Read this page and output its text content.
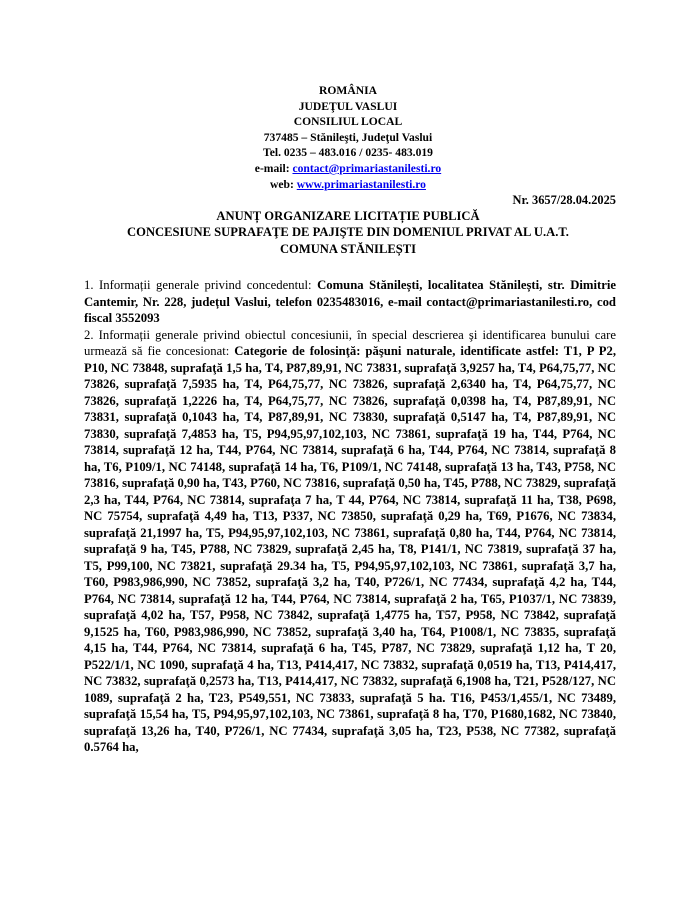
ROMÂNIA
JUDEŢUL VASLUI
CONSILIUL LOCAL
737485 – Stănileşti, Judeţul Vaslui
Tel. 0235 – 483.016 / 0235- 483.019
e-mail: contact@primariastanilesti.ro
web: www.primariastanilesti.ro
Nr. 3657/28.04.2025
ANUNȚ ORGANIZARE LICITAȚIE PUBLICĂ
CONCESIUNE SUPRAFAŢE DE PAJIŞTE DIN DOMENIUL PRIVAT AL U.A.T.
COMUNA STĂNILEȘTI

1. Informații generale privind concedentul: Comuna Stănilești, localitatea Stănilești, str. Dimitrie Cantemir, Nr. 228, județul Vaslui, telefon 0235483016, e-mail contact@primariastanilesti.ro, cod fiscal 3552093

2. Informații generale privind obiectul concesiunii, în special descrierea şi identificarea bunului care urmează să fie concesionat: Categorie de folosinţă: păşuni naturale, identificate astfel: T1, P P2, P10, NC 73848, suprafaţă 1,5 ha, T4, P87,89,91, NC 73831, suprafaţă 3,9257 ha, T4, P64,75,77, NC 73826, suprafaţă 7,5935 ha, T4, P64,75,77, NC 73826, suprafaţă 2,6340 ha, T4, P64,75,77, NC 73826, suprafaţă 1,2226 ha, T4, P64,75,77, NC 73826, suprafaţă 0,0398 ha, T4, P87,89,91, NC 73831, suprafaţă 0,1043 ha, T4, P87,89,91, NC 73830, suprafaţă 0,5147 ha, T4, P87,89,91, NC 73830, suprafaţă 7,4853 ha, T5, P94,95,97,102,103, NC 73861, suprafaţă 19 ha, T44, P764, NC 73814, suprafaţă 12 ha, T44, P764, NC 73814, suprafaţă 6 ha, T44, P764, NC 73814, suprafaţă 8 ha, T6, P109/1, NC 74148, suprafaţă 14 ha, T6, P109/1, NC 74148, suprafaţă 13 ha, T43, P758, NC 73816, suprafaţă 0,90 ha, T43, P760, NC 73816, suprafaţă 0,50 ha, T45, P788, NC 73829, suprafaţă 2,3 ha, T44, P764, NC 73814, suprafaţa 7 ha, T 44, P764, NC 73814, suprafaţă 11 ha, T38, P698, NC 75754, suprafaţă 4,49 ha, T13, P337, NC 73850, suprafaţă 0,29 ha, T69, P1676, NC 73834, suprafaţă 21,1997 ha, T5, P94,95,97,102,103, NC 73861, suprafaţă 0,80 ha, T44, P764, NC 73814, suprafaţă 9 ha, T45, P788, NC 73829, suprafaţă 2,45 ha, T8, P141/1, NC 73819, suprafaţă 37 ha, T5, P99,100, NC 73821, suprafaţă 29.34 ha, T5, P94,95,97,102,103, NC 73861, suprafaţă 3,7 ha, T60, P983,986,990, NC 73852, suprafaţă 3,2 ha, T40, P726/1, NC 77434, suprafaţă 4,2 ha, T44, P764, NC 73814, suprafaţă 12 ha, T44, P764, NC 73814, suprafaţă 2 ha, T65, P1037/1, NC 73839, suprafaţă 4,02 ha, T57, P958, NC 73842, suprafaţă 1,4775 ha, T57, P958, NC 73842, suprafaţă 9,1525 ha, T60, P983,986,990, NC 73852, suprafaţă 3,40 ha, T64, P1008/1, NC 73835, suprafaţă 4,15 ha, T44, P764, NC 73814, suprafaţă 6 ha, T45, P787, NC 73829, suprafaţă 1,12 ha, T 20, P522/1/1, NC 1090, suprafaţă 4 ha, T13, P414,417, NC 73832, suprafaţă 0,0519 ha, T13, P414,417, NC 73832, suprafaţă 0,2573 ha, T13, P414,417, NC 73832, suprafaţă 6,1908 ha, T21, P528/127, NC 1089, suprafaţă 2 ha, T23, P549,551, NC 73833, suprafaţă 5 ha. T16, P453/1,455/1, NC 73489, suprafaţă 15,54 ha, T5, P94,95,97,102,103, NC 73861, suprafaţă 8 ha, T70, P1680,1682, NC 73840, suprafaţă 13,26 ha, T40, P726/1, NC 77434, suprafaţă 3,05 ha, T23, P538, NC 77382, suprafaţă 0.5764 ha,
